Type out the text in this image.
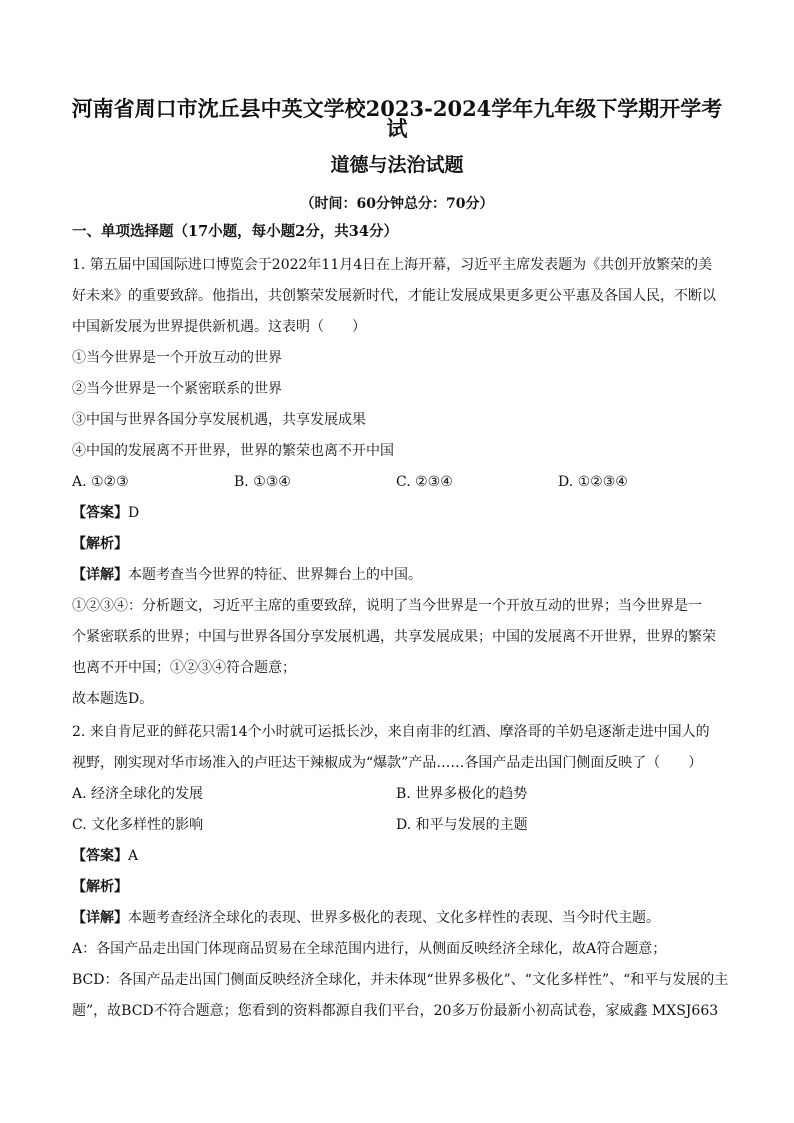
河南省周口市沈丘县中英文学校2023-2024学年九年级下学期开学考
试
道德与法治试题
（时间：60分钟总分：70分）
一、单项选择题（17小题，每小题2分，共34分）
1. 第五届中国国际进口博览会于2022年11月4日在上海开幕，习近平主席发表题为《共创开放繁荣的美
好未来》的重要致辞。他指出，共创繁荣发展新时代，才能让发展成果更多更公平惠及各国人民，不断以
中国新发展为世界提供新机遇。这表明（　　）
①当今世界是一个开放互动的世界
②当今世界是一个紧密联系的世界
③中国与世界各国分享发展机遇，共享发展成果
④中国的发展离不开世界，世界的繁荣也离不开中国
A. ①②③	B. ①③④	C. ②③④	D. ①②③④
【答案】D
【解析】
【详解】本题考查当今世界的特征、世界舞台上的中国。
①②③④：分析题文，习近平主席的重要致辞，说明了当今世界是一个开放互动的世界；当今世界是一
个紧密联系的世界；中国与世界各国分享发展机遇，共享发展成果；中国的发展离不开世界，世界的繁荣
也离不开中国；①②③④符合题意；
故本题选D。
2. 来自肯尼亚的鲜花只需14个小时就可运抵长沙，来自南非的红酒、摩洛哥的羊奶皂逐渐走进中国人的
视野，刚实现对华市场准入的卢旺达干辣椒成为“爆款”产品……各国产品走出国门侧面反映了（　　）
A. 经济全球化的发展	B. 世界多极化的趋势
C. 文化多样性的影响	D. 和平与发展的主题
【答案】A
【解析】
【详解】本题考查经济全球化的表现、世界多极化的表现、文化多样性的表现、当今时代主题。
A：各国产品走出国门体现商品贸易在全球范围内进行，从侧面反映经济全球化，故A符合题意；
BCD：各国产品走出国门侧面反映经济全球化，并未体现“世界多极化”、“文化多样性”、“和平与发展的主
题”，故BCD不符合题意；您看到的资料都源自我们平台，20多万份最新小初高试卷，家威鑫 MXSJ663
